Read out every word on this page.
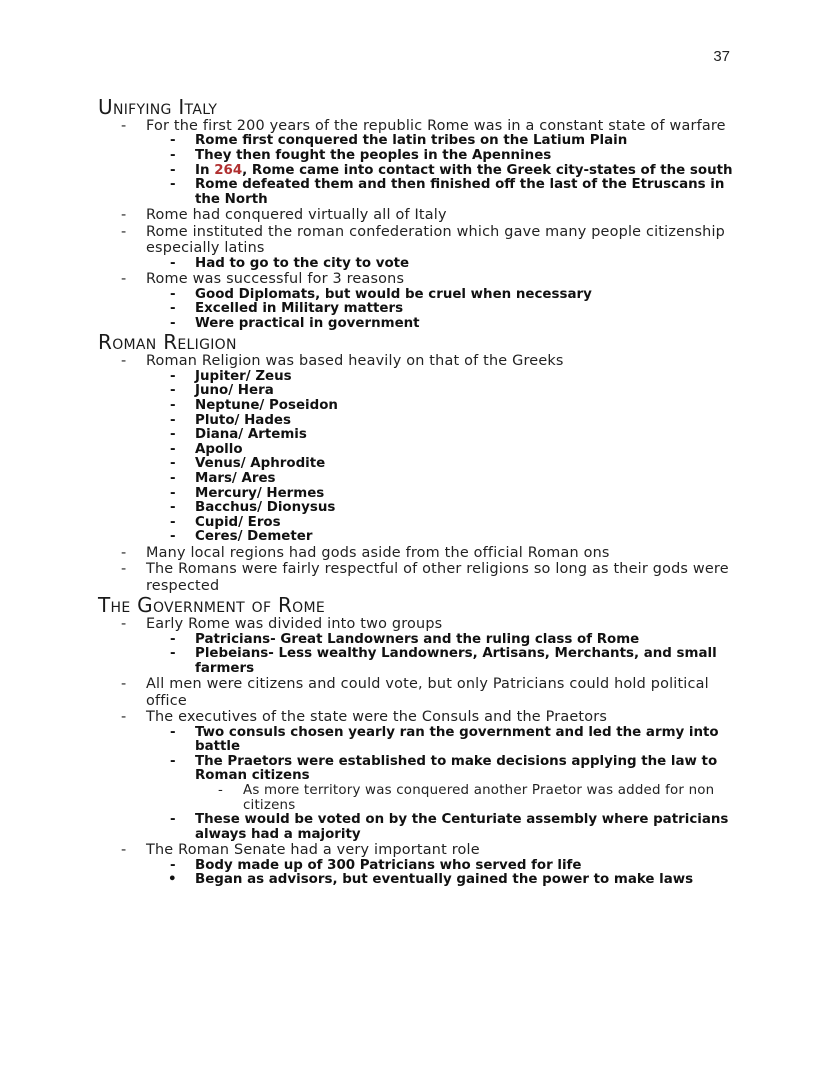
37
Unifying Italy
- For the first 200 years of the republic Rome was in a constant state of warfare
- Rome first conquered the latin tribes on the Latium Plain
- They then fought the peoples in the Apennines
- In 264, Rome came into contact with the Greek city-states of the south
- Rome defeated them and then finished off the last of the Etruscans in the North
- Rome had conquered virtually all of Italy
- Rome instituted the roman confederation which gave many people citizenship especially latins
- Had to go to the city to vote
- Rome was successful for 3 reasons
- Good Diplomats, but would be cruel when necessary
- Excelled in Military matters
- Were practical in government
Roman Religion
- Roman Religion was based heavily on that of the Greeks
- Jupiter/ Zeus
- Juno/ Hera
- Neptune/ Poseidon
- Pluto/ Hades
- Diana/ Artemis
- Apollo
- Venus/ Aphrodite
- Mars/ Ares
- Mercury/ Hermes
- Bacchus/ Dionysus
- Cupid/ Eros
- Ceres/ Demeter
- Many local regions had gods aside from the official Roman ons
- The Romans were fairly respectful of other religions so long as their gods were respected
The Government of Rome
- Early Rome was divided into two groups
- Patricians- Great Landowners and the ruling class of Rome
- Plebeians- Less wealthy Landowners, Artisans, Merchants, and small farmers
- All men were citizens and could vote, but only Patricians could hold political office
- The executives of the state were the Consuls and the Praetors
- Two consuls chosen yearly ran the government and led the army into battle
- The Praetors were established to make decisions applying the law to Roman citizens
- As more territory was conquered another Praetor was added for non citizens
- These would be voted on by the Centuriate assembly where patricians always had a majority
- The Roman Senate had a very important role
- Body made up of 300 Patricians who served for life
• Began as advisors, but eventually gained the power to make laws
